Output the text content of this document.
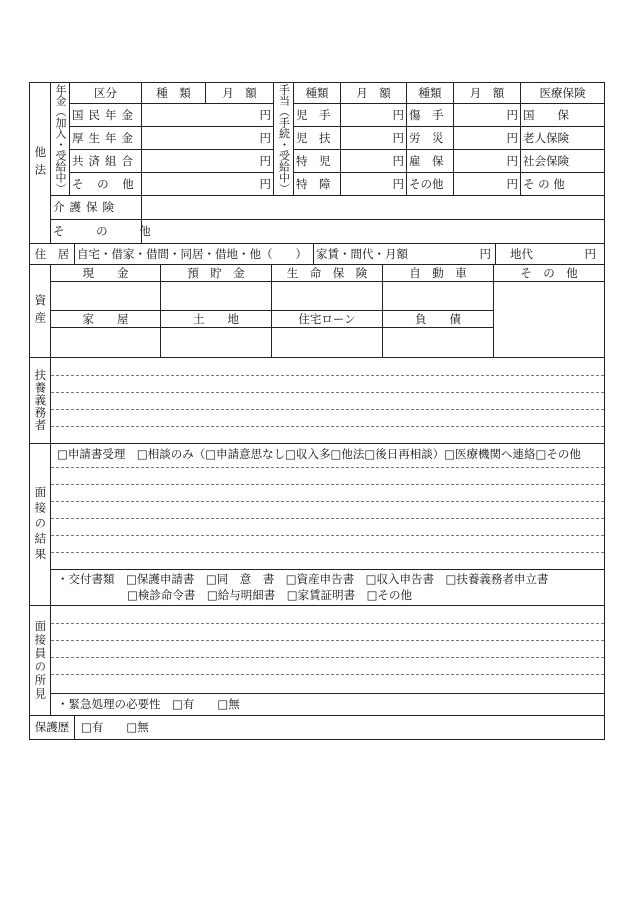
他法	年金（加入・受給中）	区分	種　類	月　額	手当（手続・受給中）	種類	月　額	種類	月　額	医療保険
		国民年金	円			児　手	円	傷　手	円	国　　保
		厚生年金	円			児　扶	円	労　災	円	老人保険
		共済組合	円			特　児	円	雇　保	円	社会保険
		そ の 他	円			特　障	円	その他	円	そ の 他
	介護保険									
	そ の 他									
住　居	自宅・借家・借間・同居・借地・他（　　）	家賃・間代・月額	円	地代	円
資産	現　　金	預　貯　金	生　命　保　険	自　動　車	そ　の　他

	家　　屋	土　　地	住宅ローン	負　　債	

扶養義務者	
面接の結果	
□申請書受理　□相談のみ（□申請意思なし□収入多□他法□後日再相談）□医療機関へ連絡□その他
・交付書類　□保護申請書　□同　意　書　□資産申告書　□収入申告書　□扶養義務者申立書
□検診命令書　□給与明細書　□家賃証明書　□その他
面接員の所見	
・緊急処理の必要性　□有　　□無
保護歴	□有　　□無
